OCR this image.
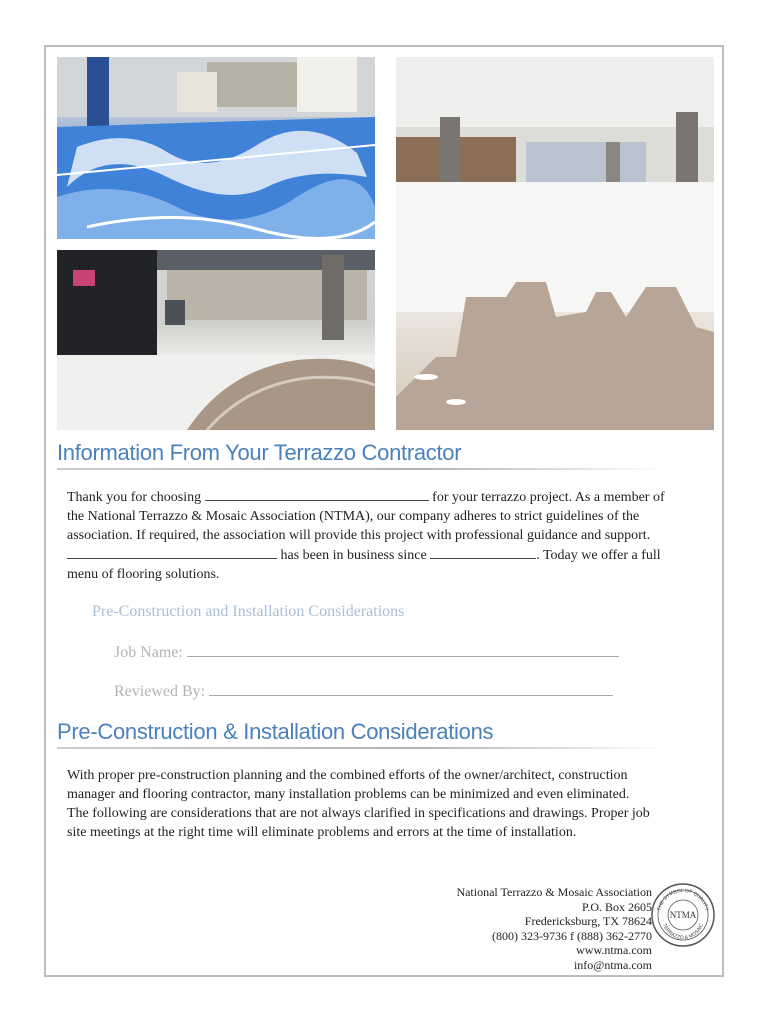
Information From Your Terrazzo Contractor
Thank you for choosing	for your terrazzo project. As a member of
the National Terrazzo & Mosaic Association (NTMA), our company adheres to strict guidelines of the
association. If required, the association will provide this project with professional guidance and support.
has been in business since	. Today we offer a full
menu of flooring solutions.
Pre-Construction and Installation Considerations
Job Name:
Reviewed By:
Pre-Construction & Installation Considerations
With proper pre-construction planning and the combined efforts of the owner/architect, construction
manager and flooring contractor, many installation problems can be minimized and even eliminated.
The following are considerations that are not always clarified in specifications and drawings. Proper job
site meetings at the right time will eliminate problems and errors at the time of installation.
National Terrazzo & Mosaic Association
P.O. Box 2605
Fredericksburg, TX 78624
(800) 323-9736 f (888) 362-2770
www.ntma.com
info@ntma.com
THE SYMBOL OF QUALITY
TERRAZZO & MOSAIC
NTMA
